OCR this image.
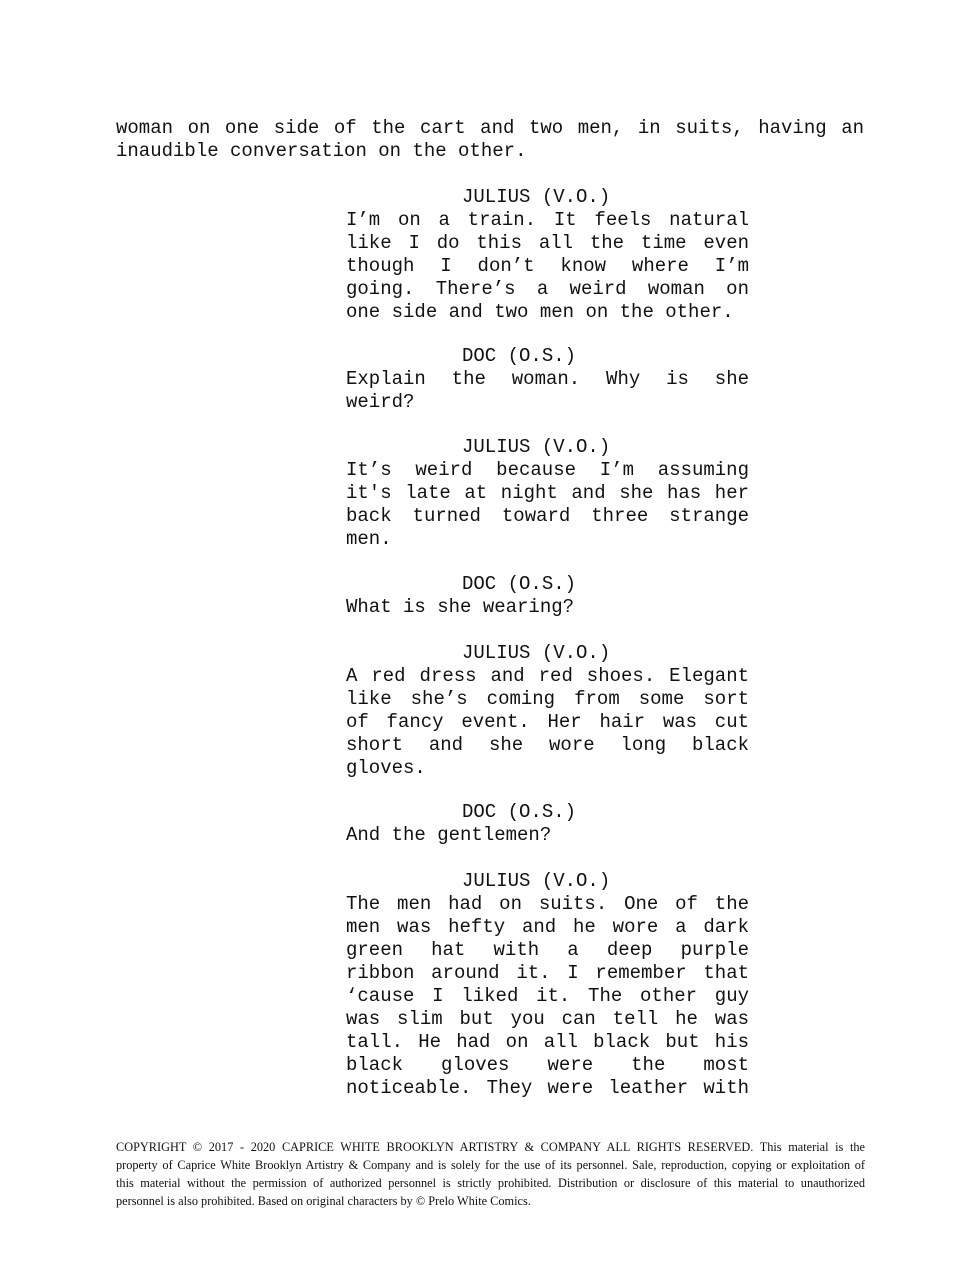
woman on one side of the cart and two men, in suits, having an
inaudible conversation on the other.
JULIUS (V.O.)
I’m on a train. It feels natural
like I do this all the time even
though I don’t know where I’m
going. There’s a weird woman on
one side and two men on the other.
DOC (O.S.)
Explain the woman. Why is she
weird?
JULIUS (V.O.)
It’s weird because I’m assuming
it's late at night and she has her
back turned toward three strange
men.
DOC (O.S.)
What is she wearing?
JULIUS (V.O.)
A red dress and red shoes. Elegant
like she’s coming from some sort
of fancy event. Her hair was cut
short and she wore long black
gloves.
DOC (O.S.)
And the gentlemen?
JULIUS (V.O.)
The men had on suits. One of the
men was hefty and he wore a dark
green hat with a deep purple
ribbon around it. I remember that
‘cause I liked it. The other guy
was slim but you can tell he was
tall. He had on all black but his
black gloves were the most
noticeable. They were leather with
COPYRIGHT © 2017 - 2020 CAPRICE WHITE BROOKLYN ARTISTRY & COMPANY ALL RIGHTS RESERVED. This material is the
property of Caprice White Brooklyn Artistry & Company and is solely for the use of its personnel. Sale, reproduction, copying or exploitation of
this material without the permission of authorized personnel is strictly prohibited. Distribution or disclosure of this material to unauthorized
personnel is also prohibited. Based on original characters by © Prelo White Comics.
